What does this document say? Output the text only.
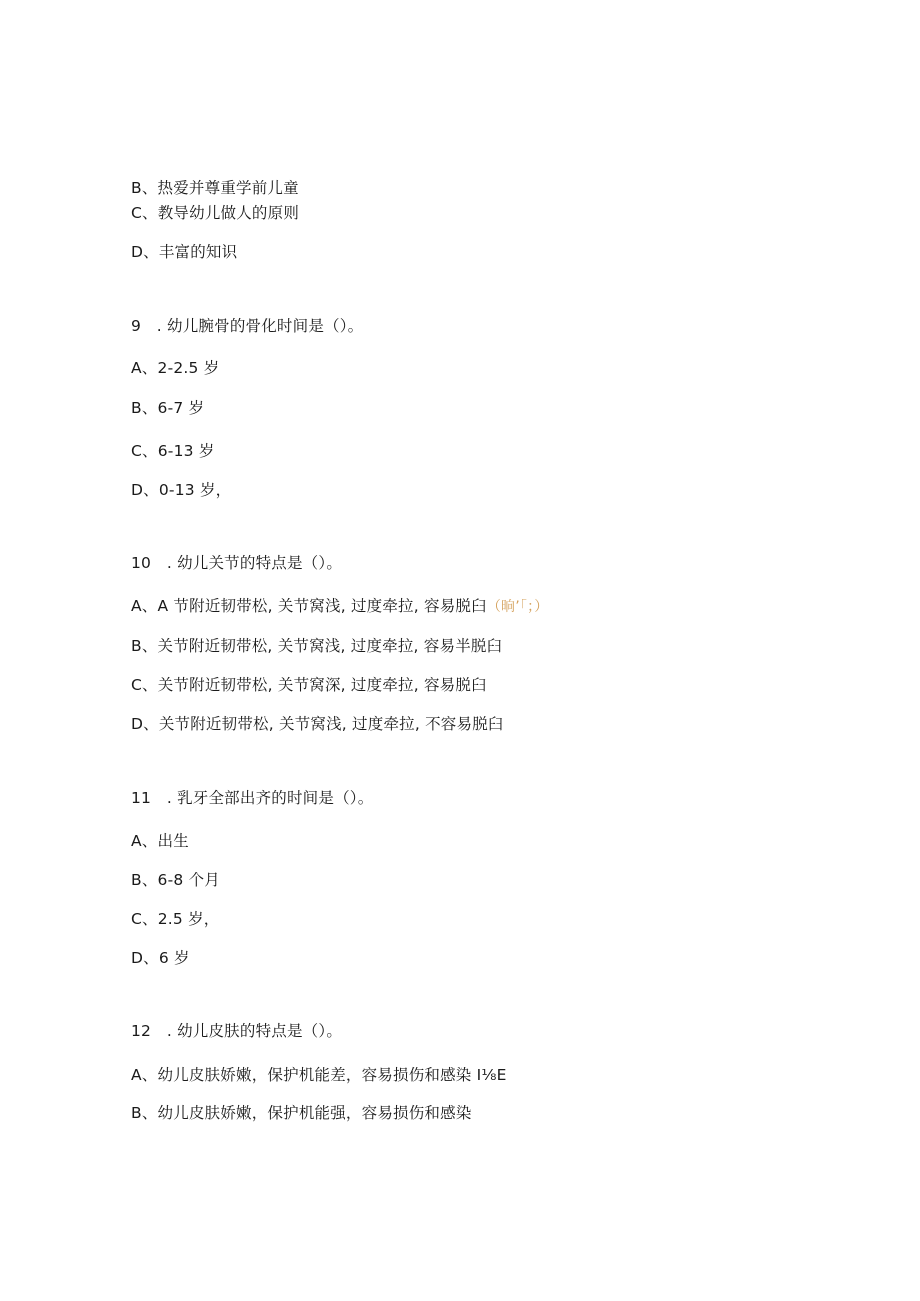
B、热爱并尊重学前儿童
C、教导幼儿做人的原则
D、丰富的知识
9　. 幼儿腕骨的骨化时间是（）。
A、2-2.5 岁
B、6-7 岁
C、6-13 岁
D、0-13 岁，
10　. 幼儿关节的特点是（）。
A、A 节附近韧带松, 关节窝浅, 过度牵拉, 容易脱臼（晌’「；）
B、关节附近韧带松, 关节窝浅, 过度牵拉, 容易半脱臼
C、关节附近韧带松, 关节窝深, 过度牵拉, 容易脱臼
D、关节附近韧带松, 关节窝浅, 过度牵拉, 不容易脱臼
11　. 乳牙全部出齐的时间是（）。
A、出生
B、6-8 个月
C、2.5 岁，
D、6 岁
12　. 幼儿皮肤的特点是（）。
A、幼儿皮肤娇嫩，保护机能差，容易损伤和感染 I⅛E
B、幼儿皮肤娇嫩，保护机能强，容易损伤和感染
